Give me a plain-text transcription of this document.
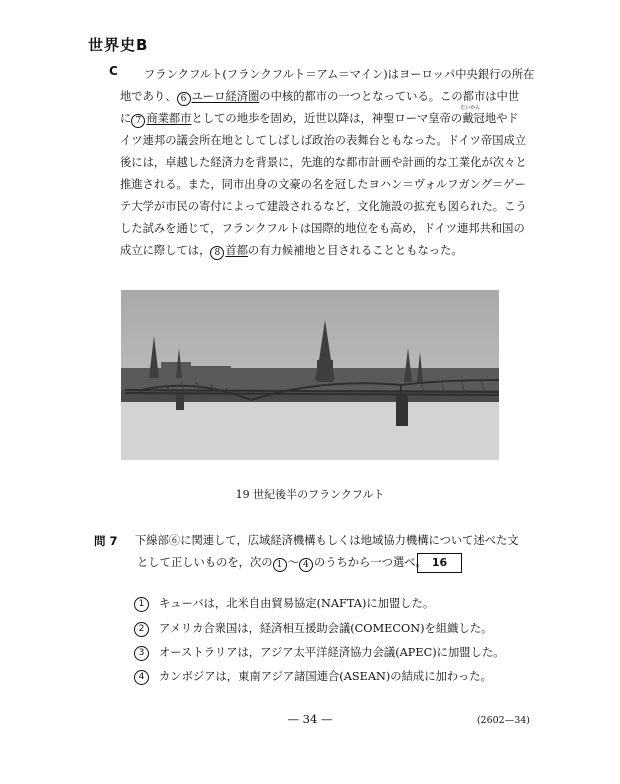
世界史B
C	フランクフルト(フランクフルト＝アム＝マイン)はヨーロッパ中央銀行の所在
地であり、 6 ユーロ経済圏の中核的都市の一つとなっている。この都市は中世
に 7 商業都市としての地歩を固め，近世以降は，神聖ローマ皇帝の
たいかん
戴冠地やド
イツ連邦の議会所在地としてしばしば政治の表舞台ともなった。ドイツ帝国成立
後には，卓越した経済力を背景に，先進的な都市計画や計画的な工業化が次々と
推進される。また，同市出身の文豪の名を冠したヨハン＝ヴォルフガング＝ゲー
テ大学が市民の寄付によって建設されるなど，文化施設の拡充も図られた。こう
した試みを通じて，フランクフルトは国際的地位をも高め，ドイツ連邦共和国の
成立に際しては， 8 首都の有力候補地と目されることともなった。
19 世紀後半のフランクフルト
問 7 下線部⑥に関連して，広域経済機構もしくは地域協力機構について述べた文
として正しいものを，次の 1 ～ 4 のうちから一つ選べ。 16
1 キューバは，北米自由貿易協定(NAFTA)に加盟した。
2 アメリカ合衆国は，経済相互援助会議(COMECON)を組織した。
3 オーストラリアは，アジア太平洋経済協力会議(APEC)に加盟した。
4 カンボジアは，東南アジア諸国連合(ASEAN)の結成に加わった。
— 34 —	(2602—34)
